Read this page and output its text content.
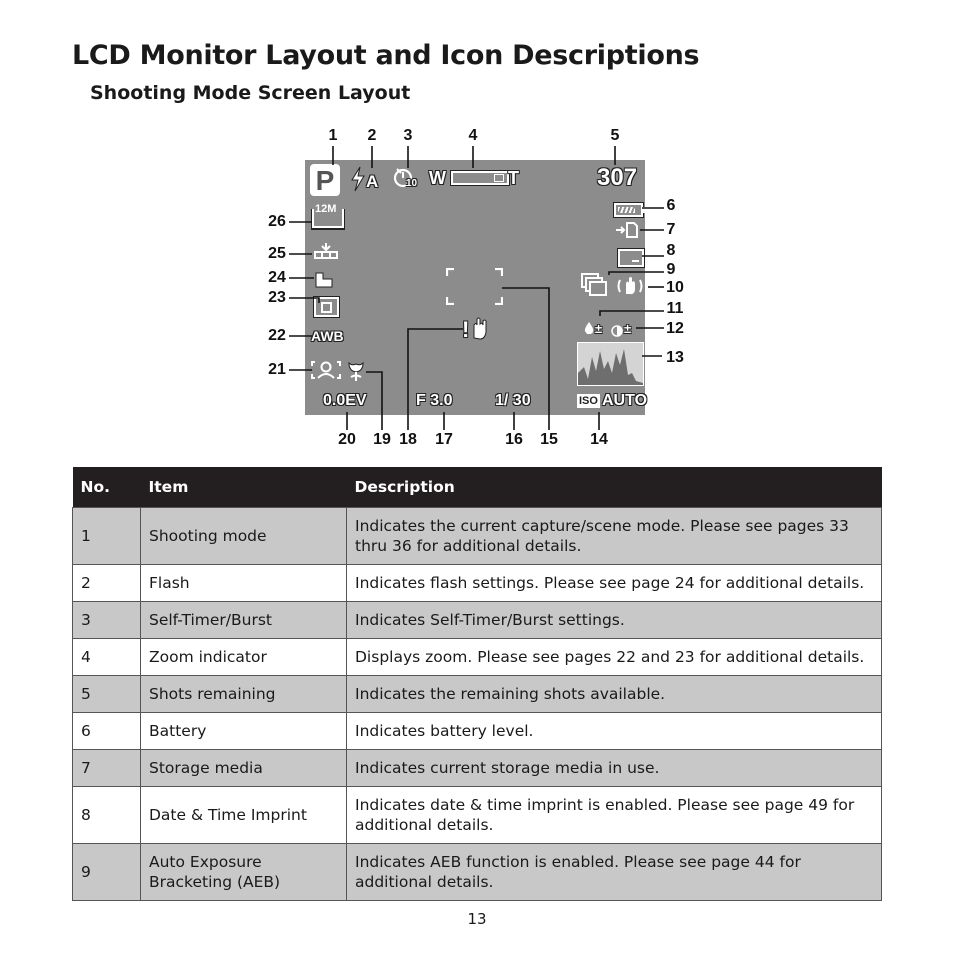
LCD Monitor Layout and Icon Descriptions
Shooting Mode Screen Layout
P	A	10 W	T	307
± ±
ISO AUTO
1/ 30
F 3.0
!
0.0EV
AWB
12M
1 2 3	4	5
6
7
8
9
10
11
12
13
26
25
24
23
22
21
20 19 18 17	16 15 14
No.	Item	Description
1	Shooting mode	Indicates the current capture/scene mode. Please see pages 33 thru 36 for additional details.
2	Flash	Indicates flash settings. Please see page 24 for additional details.
3	Self-Timer/Burst	Indicates Self-Timer/Burst settings.
4	Zoom indicator	Displays zoom. Please see pages 22 and 23 for additional details.
5	Shots remaining	Indicates the remaining shots available.
6	Battery	Indicates battery level.
7	Storage media	Indicates current storage media in use.
8	Date & Time Imprint	Indicates date & time imprint is enabled. Please see page 49 for additional details.
9	Auto Exposure Bracketing (AEB)	Indicates AEB function is enabled. Please see page 44 for additional details.
13
